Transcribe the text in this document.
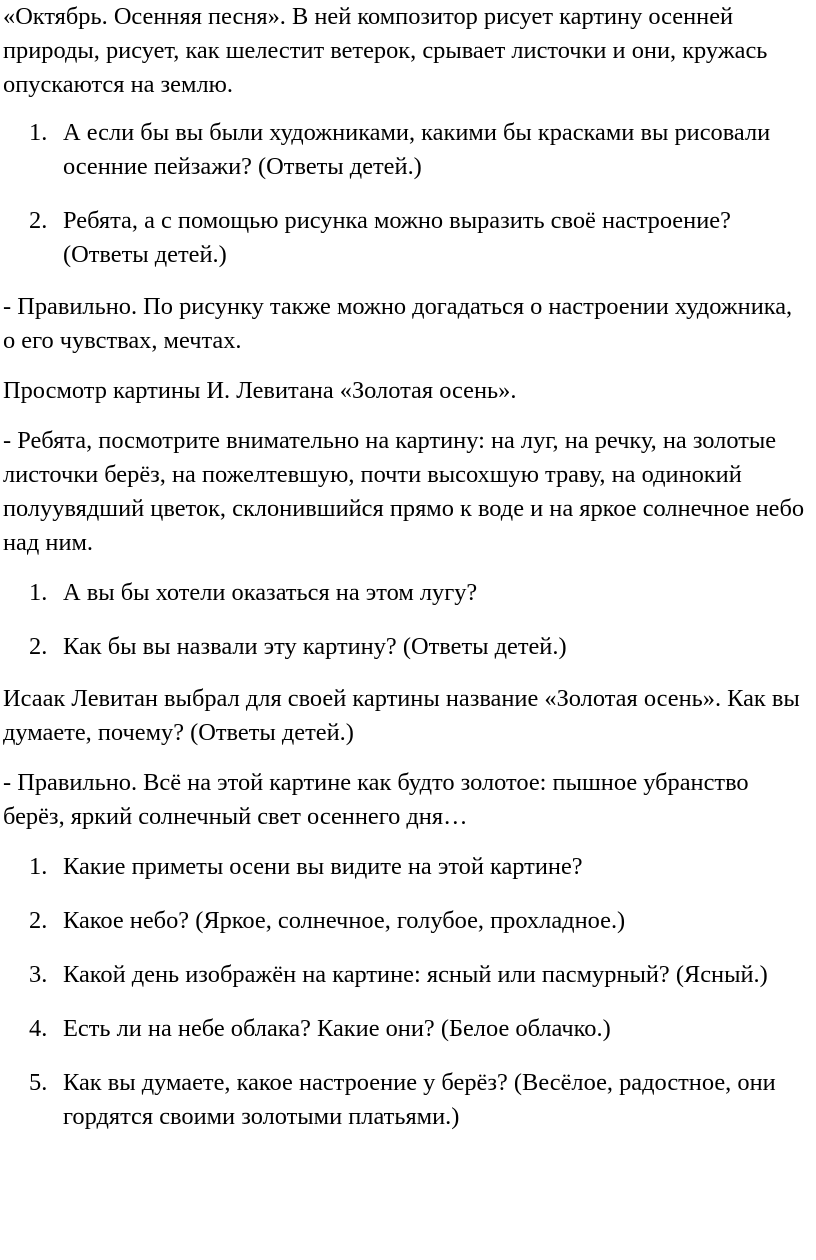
«Октябрь. Осенняя песня». В ней композитор рисует картину осенней природы, рисует, как шелестит ветерок, срывает листочки и они, кружась опускаются на землю.

1. А если бы вы были художниками, какими бы красками вы рисовали осенние пейзажи? (Ответы детей.)
2. Ребята, а с помощью рисунка можно выразить своё настроение? (Ответы детей.)

- Правильно. По рисунку также можно догадаться о настроении художника, о его чувствах, мечтах.

Просмотр картины И. Левитана «Золотая осень».

- Ребята, посмотрите внимательно на картину: на луг, на речку, на золотые листочки берёз, на пожелтевшую, почти высохшую траву, на одинокий полуувядший цветок, склонившийся прямо к воде и на яркое солнечное небо над ним.

1. А вы бы хотели оказаться на этом лугу?
2. Как бы вы назвали эту картину? (Ответы детей.)

Исаак Левитан выбрал для своей картины название «Золотая осень». Как вы думаете, почему? (Ответы детей.)

- Правильно. Всё на этой картине как будто золотое: пышное убранство берёз, яркий солнечный свет осеннего дня…

1. Какие приметы осени вы видите на этой картине?
2. Какое небо? (Яркое, солнечное, голубое, прохладное.)
3. Какой день изображён на картине: ясный или пасмурный? (Ясный.)
4. Есть ли на небе облака? Какие они? (Белое облачко.)
5. Как вы думаете, какое настроение у берёз? (Весёлое, радостное, они гордятся своими золотыми платьями.)
